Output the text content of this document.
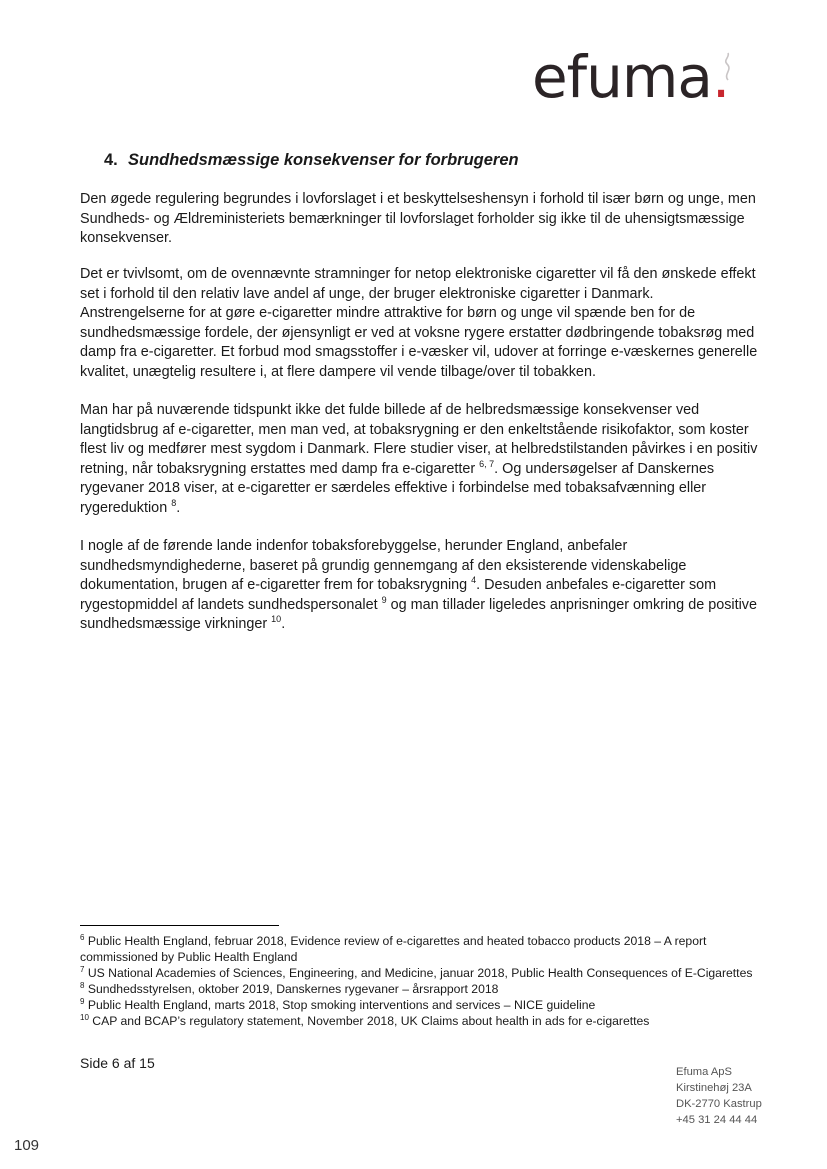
efuma.
4. Sundhedsmæssige konsekvenser for forbrugeren

Den øgede regulering begrundes i lovforslaget i et beskyttelseshensyn i forhold til især børn og unge, men Sundheds- og Ældreministeriets bemærkninger til lovforslaget forholder sig ikke til de uhensigtsmæssige konsekvenser.

Det er tvivlsomt, om de ovennævnte stramninger for netop elektroniske cigaretter vil få den ønskede effekt set i forhold til den relativ lave andel af unge, der bruger elektroniske cigaretter i Danmark. Anstrengelserne for at gøre e-cigaretter mindre attraktive for børn og unge vil spænde ben for de sundhedsmæssige fordele, der øjensynligt er ved at voksne rygere erstatter dødbringende tobaksrøg med damp fra e-cigaretter. Et forbud mod smagsstoffer i e-væsker vil, udover at forringe e-væskernes generelle kvalitet, unægtelig resultere i, at flere dampere vil vende tilbage/over til tobakken.

Man har på nuværende tidspunkt ikke det fulde billede af de helbredsmæssige konsekvenser ved langtidsbrug af e-cigaretter, men man ved, at tobaksrygning er den enkeltstående risikofaktor, som koster flest liv og medfører mest sygdom i Danmark. Flere studier viser, at helbredstilstanden påvirkes i en positiv retning, når tobaksrygning erstattes med damp fra e-cigaretter $^{6, 7}$. Og undersøgelser af Danskernes rygevaner 2018 viser, at e-cigaretter er særdeles effektive i forbindelse med tobaksafvænning eller rygereduktion $^8$.

I nogle af de førende lande indenfor tobaksforebyggelse, herunder England, anbefaler sundhedsmyndighederne, baseret på grundig gennemgang af den eksisterende videnskabelige dokumentation, brugen af e-cigaretter frem for tobaksrygning $^4$. Desuden anbefales e-cigaretter som rygestopmiddel af landets sundhedspersonalet $^9$ og man tillader ligeledes anprisninger omkring de positive sundhedsmæssige virkninger $^{10}$.

$^6$ Public Health England, februar 2018, Evidence review of e-cigarettes and heated tobacco products 2018 – A report commissioned by Public Health England

$^7$ US National Academies of Sciences, Engineering, and Medicine, januar 2018, Public Health Consequences of E-Cigarettes

$^8$ Sundhedsstyrelsen, oktober 2019, Danskernes rygevaner – årsrapport 2018

$^9$ Public Health England, marts 2018, Stop smoking interventions and services – NICE guideline

$^{10}$ CAP and BCAP’s regulatory statement, November 2018, UK Claims about health in ads for e-cigarettes

Side 6 af 15
Efuma ApS
Kirstinehøj 23A
DK-2770 Kastrup
+45 31 24 44 44
109
